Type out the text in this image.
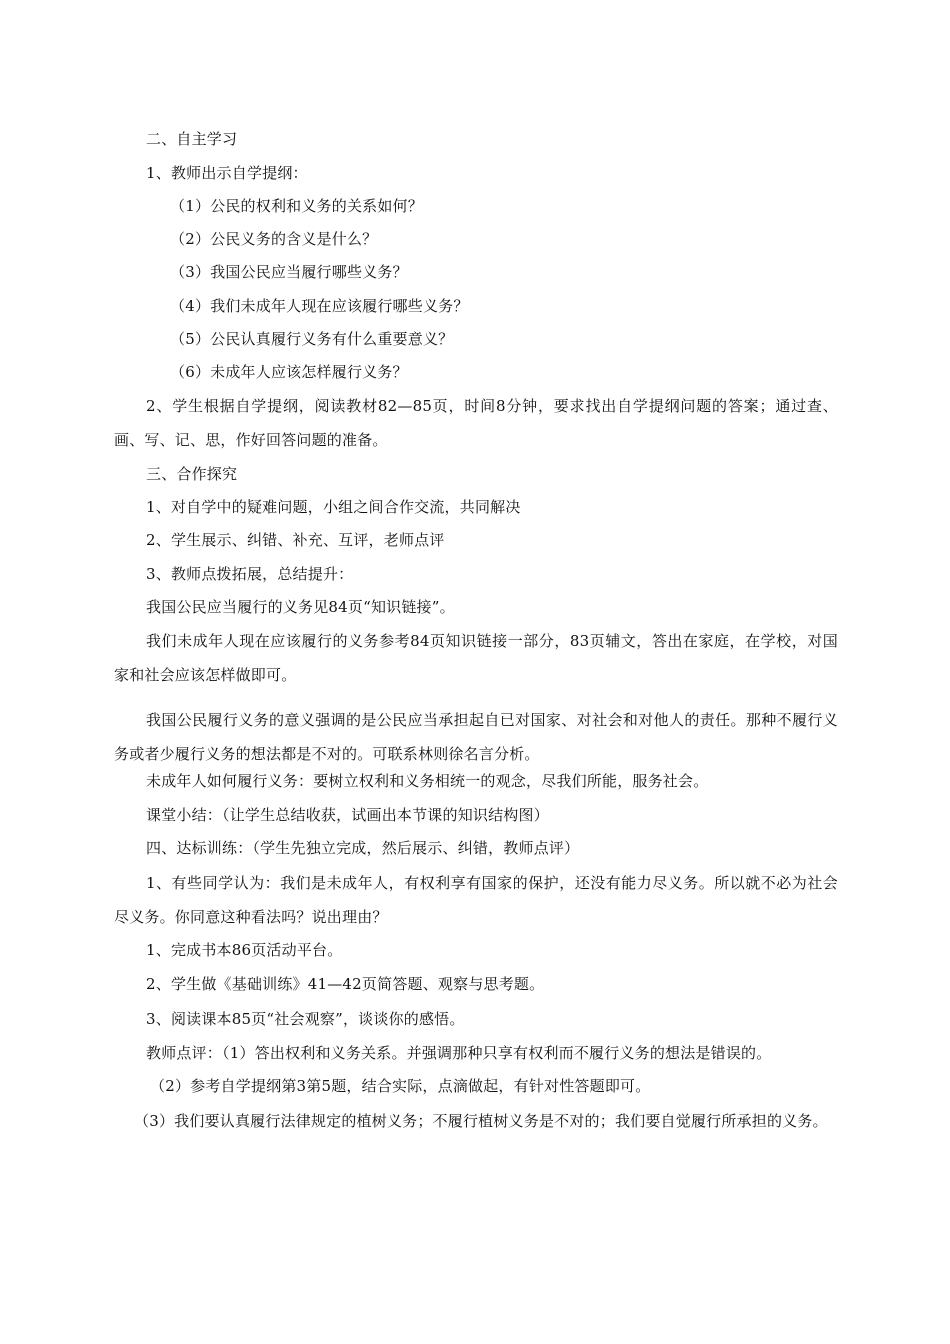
二、自主学习
1、教师出示自学提纲：
（1）公民的权利和义务的关系如何？
（2）公民义务的含义是什么？
（3）我国公民应当履行哪些义务？
（4）我们未成年人现在应该履行哪些义务？
（5）公民认真履行义务有什么重要意义？
（6）未成年人应该怎样履行义务？
2、学生根据自学提纲，阅读教材82—85页，时间8分钟，要求找出自学提纲问题的答案；通过查、画、写、记、思，作好回答问题的准备。
三、合作探究
1、对自学中的疑难问题，小组之间合作交流，共同解决
2、学生展示、纠错、补充、互评，老师点评
3、教师点拨拓展，总结提升：
我国公民应当履行的义务见84页“知识链接”。
我们未成年人现在应该履行的义务参考84页知识链接一部分，83页辅文，答出在家庭，在学校，对国家和社会应该怎样做即可。
我国公民履行义务的意义强调的是公民应当承担起自已对国家、对社会和对他人的责任。那种不履行义务或者少履行义务的想法都是不对的。可联系林则徐名言分析。
未成年人如何履行义务：要树立权利和义务相统一的观念，尽我们所能，服务社会。
课堂小结：（让学生总结收获，试画出本节课的知识结构图）
四、达标训练：（学生先独立完成，然后展示、纠错，教师点评）
1、有些同学认为：我们是未成年人，有权利享有国家的保护，还没有能力尽义务。所以就不必为社会尽义务。你同意这种看法吗？说出理由？
1、完成书本86页活动平台。
2、学生做《基础训练》41—42页简答题、观察与思考题。
3、阅读课本85页“社会观察”，谈谈你的感悟。
教师点评：（1）答出权利和义务关系。并强调那种只享有权利而不履行义务的想法是错误的。
（2）参考自学提纲第3第5题，结合实际，点滴做起，有针对性答题即可。
（3）我们要认真履行法律规定的植树义务；不履行植树义务是不对的；我们要自觉履行所承担的义务。
